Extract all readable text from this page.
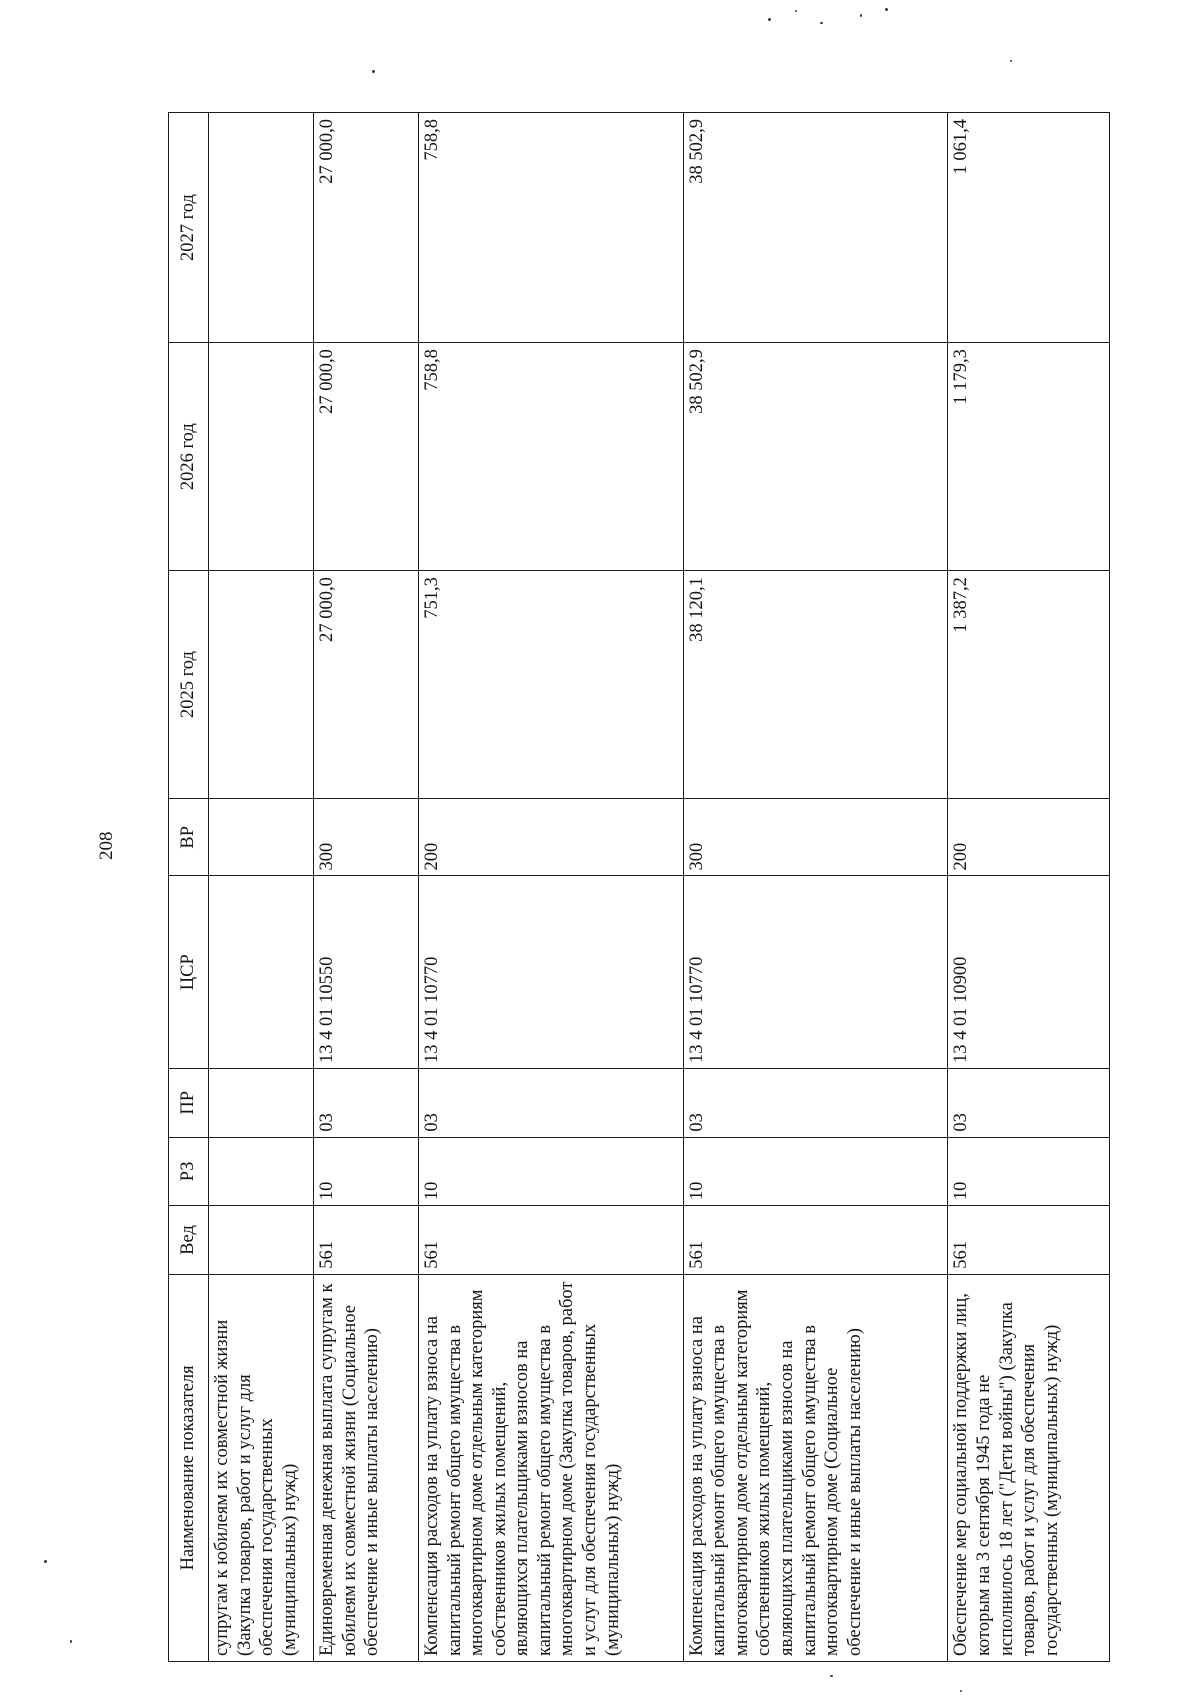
208
Наименование показателя	Вед	РЗ	ПР	ЦСР	ВР	2025 год	2026 год	2027 год
супругам к юбилеям их совместной жизни (Закупка товаров, работ и услуг для обеспечения государственных (муниципальных) нужд)								
Единовременная денежная выплата супругам к юбилеям их совместной жизни (Социальное обеспечение и иные выплаты населению)	561	10	03	13 4 01 10550	300	27 000,0	27 000,0	27 000,0
Компенсация расходов на уплату взноса на капитальный ремонт общего имущества в многоквартирном доме отдельным категориям собственников жилых помещений, являющихся плательщиками взносов на капитальный ремонт общего имущества в многоквартирном доме (Закупка товаров, работ и услуг для обеспечения государственных (муниципальных) нужд)	561	10	03	13 4 01 10770	200	751,3	758,8	758,8
Компенсация расходов на уплату взноса на капитальный ремонт общего имущества в многоквартирном доме отдельным категориям собственников жилых помещений, являющихся плательщиками взносов на капитальный ремонт общего имущества в многоквартирном доме (Социальное обеспечение и иные выплаты населению)	561	10	03	13 4 01 10770	300	38 120,1	38 502,9	38 502,9
Обеспечение мер социальной поддержки лиц, которым на 3 сентября 1945 года не исполнилось 18 лет ("Дети войны") (Закупка товаров, работ и услуг для обеспечения государственных (муниципальных) нужд)	561	10	03	13 4 01 10900	200	1 387,2	1 179,3	1 061,4
